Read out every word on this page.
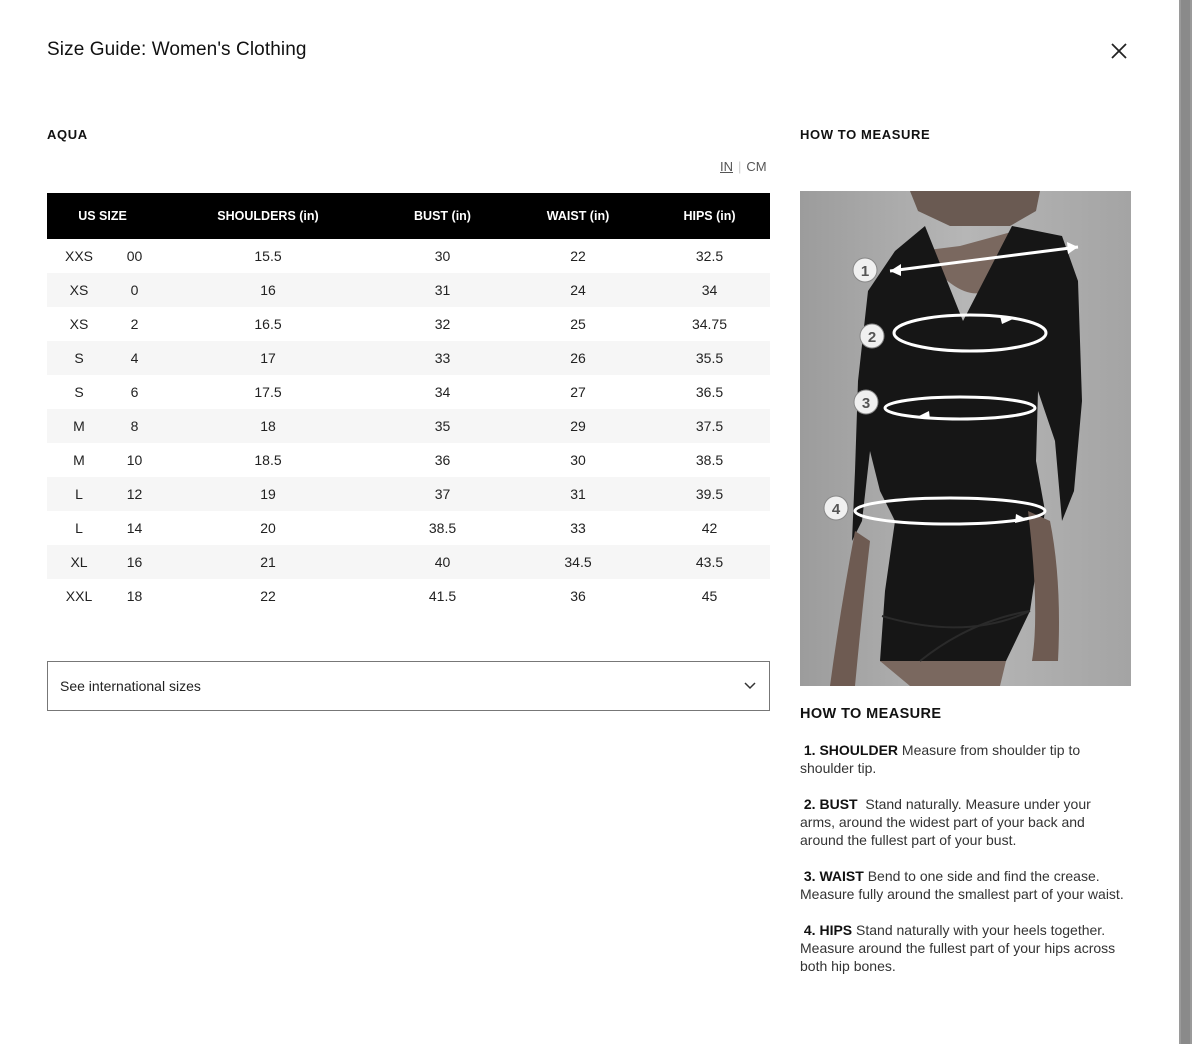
Size Guide: Women's Clothing
AQUA
IN | CM
US SIZE		SHOULDERS (in)	BUST (in)	WAIST (in)	HIPS (in)
XXS	00	15.5	30	22	32.5
XS	0	16	31	24	34
XS	2	16.5	32	25	34.75
S	4	17	33	26	35.5
S	6	17.5	34	27	36.5
M	8	18	35	29	37.5
M	10	18.5	36	30	38.5
L	12	19	37	31	39.5
L	14	20	38.5	33	42
XL	16	21	40	34.5	43.5
XXL	18	22	41.5	36	45
See international sizes
HOW TO MEASURE
1
2
3
4
HOW TO MEASURE

1. SHOULDER Measure from shoulder tip to shoulder tip.

2. BUST  Stand naturally. Measure under your arms, around the widest part of your back and around the fullest part of your bust.

3. WAIST Bend to one side and find the crease. Measure fully around the smallest part of your waist.

4. HIPS Stand naturally with your heels together. Measure around the fullest part of your hips across both hip bones.
